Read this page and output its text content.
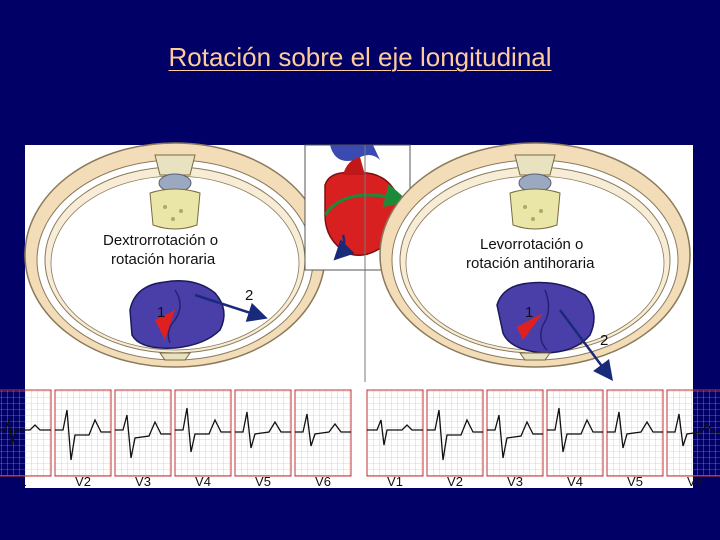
Rotación sobre el eje longitudinal
Dextrorrotación o
rotación horaria
2
1
Levorrotación o
rotación antihoraria
2
1
1	V2	V3	V4	V5	V6	V1	V2	V3	V4	V5	V6
